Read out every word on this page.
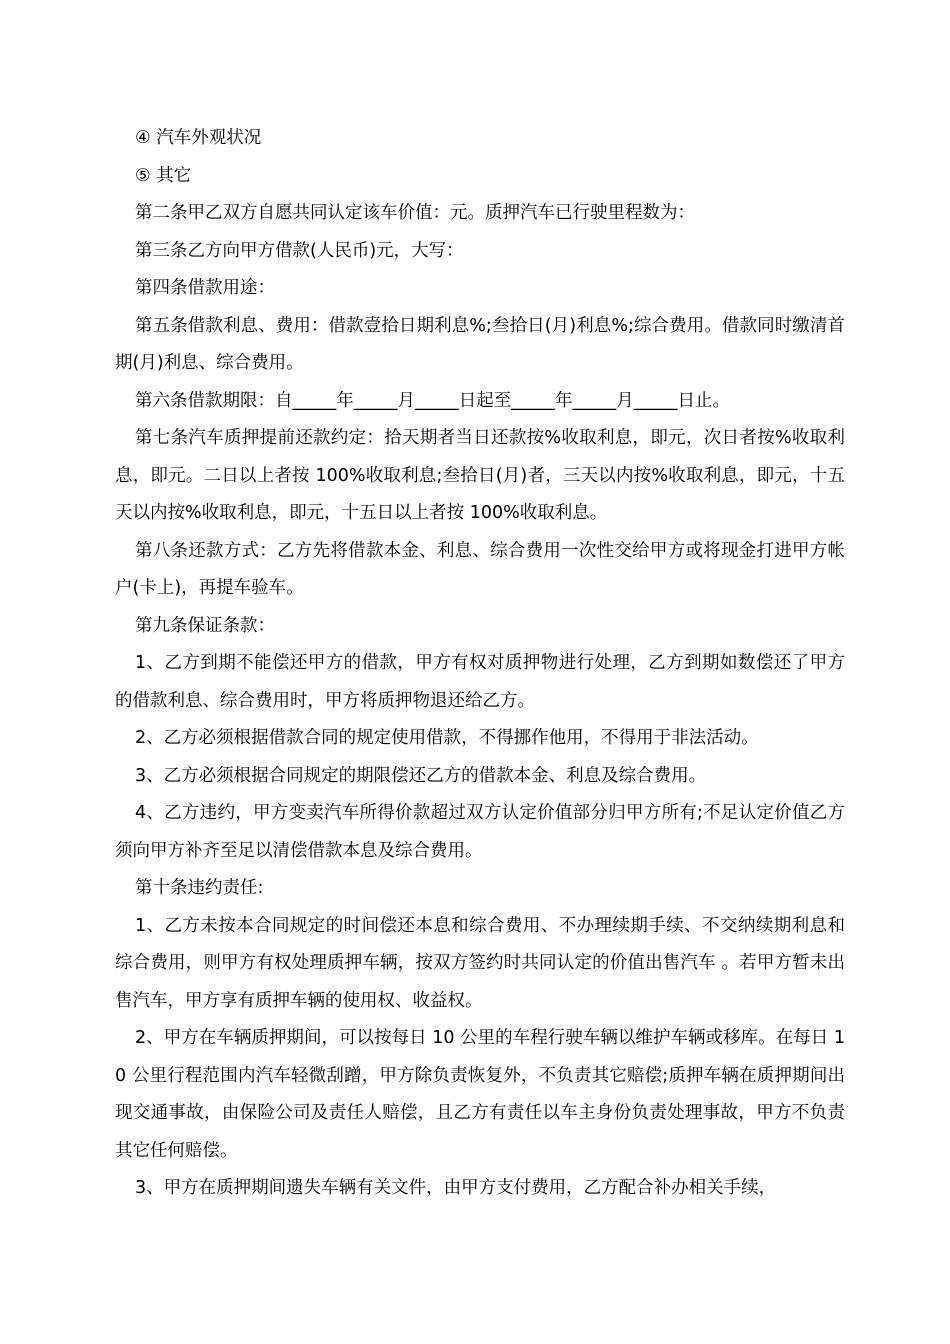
④ 汽车外观状况

⑤ 其它

第二条甲乙双方自愿共同认定该车价值：元。质押汽车已行驶里程数为：

第三条乙方向甲方借款(人民币)元，大写：

第四条借款用途：

第五条借款利息、费用：借款壹拾日期利息%;叁拾日(月)利息%;综合费用。借款同时缴清首期(月)利息、综合费用。

第六条借款期限：自_____年_____月_____日起至_____年_____月_____日止。

第七条汽车质押提前还款约定：拾天期者当日还款按%收取利息，即元，次日者按%收取利息，即元。二日以上者按 100%收取利息;叁拾日(月)者，三天以内按%收取利息，即元，十五天以内按%收取利息，即元，十五日以上者按 100%收取利息。

第八条还款方式：乙方先将借款本金、利息、综合费用一次性交给甲方或将现金打进甲方帐户(卡上)，再提车验车。

第九条保证条款：

1、乙方到期不能偿还甲方的借款，甲方有权对质押物进行处理，乙方到期如数偿还了甲方的借款利息、综合费用时，甲方将质押物退还给乙方。

2、乙方必须根据借款合同的规定使用借款，不得挪作他用，不得用于非法活动。

3、乙方必须根据合同规定的期限偿还乙方的借款本金、利息及综合费用。

4、乙方违约，甲方变卖汽车所得价款超过双方认定价值部分归甲方所有;不足认定价值乙方须向甲方补齐至足以清偿借款本息及综合费用。

第十条违约责任:

1、乙方未按本合同规定的时间偿还本息和综合费用、不办理续期手续、不交纳续期利息和综合费用，则甲方有权处理质押车辆，按双方签约时共同认定的价值出售汽车 。若甲方暂未出售汽车，甲方享有质押车辆的使用权、收益权。

2、甲方在车辆质押期间，可以按每日 10 公里的车程行驶车辆以维护车辆或移库。在每日 10 公里行程范围内汽车轻微刮蹭，甲方除负责恢复外，不负责其它赔偿;质押车辆在质押期间出现交通事故，由保险公司及责任人赔偿，且乙方有责任以车主身份负责处理事故，甲方不负责其它任何赔偿。

3、甲方在质押期间遗失车辆有关文件，由甲方支付费用，乙方配合补办相关手续，
